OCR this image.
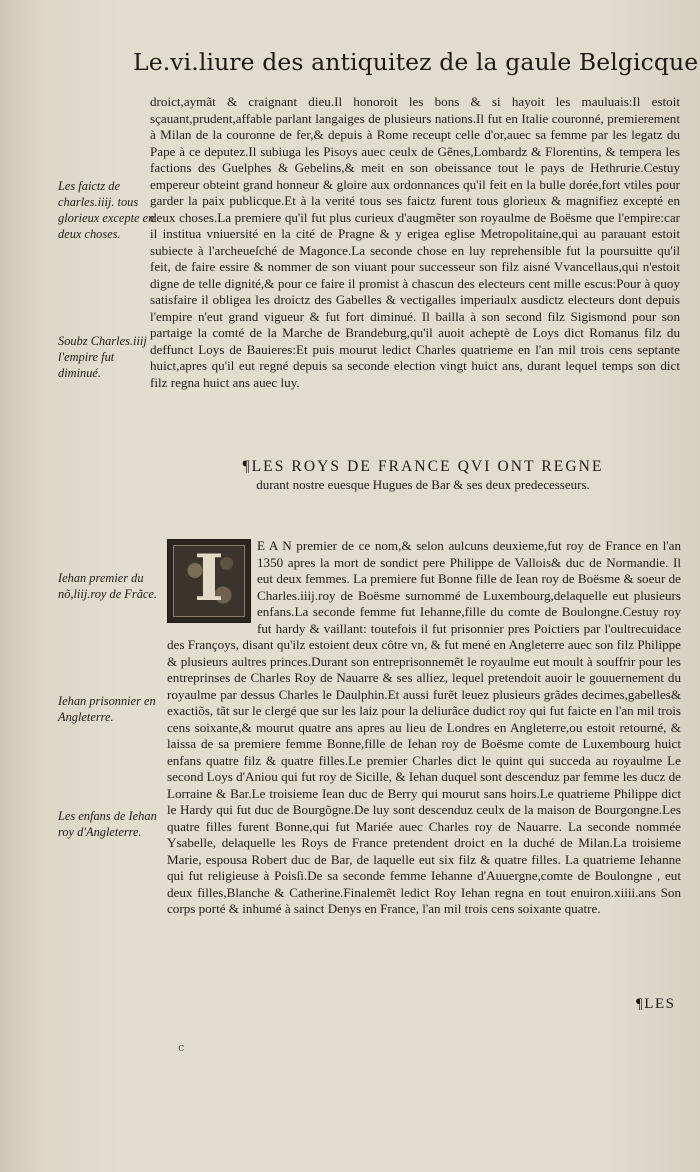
Le.vi.liure des antiquitez de la gaule Belgicque

droict,aymãt & craignant dieu.Il honoroit les bons & si hayoit les mauluais:Il estoit sçauant,prudent,affable parlant langaiges de plusieurs nations.Il fut en Italie couronné, premierement à Milan de la couronne de fer,& depuis à Rome receupt celle d'or,auec sa femme par les legatz du Pape à ce deputez.Il subiuga les Pisoys auec ceulx de Gẽnes,Lombardz & Florentins, & tempera les factions des Guelphes & Gebelins,& meit en son obeissance tout le pays de Hethrurie.Cestuy empereur obteint grand honneur & gloire aux ordonnances qu'il feit en la bulle dorée,fort vtiles pour garder la paix publicque.Et à la verité tous ses faictz furent tous glorieux & magnifiez excepté en deux choses.La premiere qu'il fut plus curieux d'augmẽter son royaulme de Boësme que l'empire:car il institua vniuersité en la cité de Pragne & y erigea eglise Metropolitaine,qui au parauant estoit subiecte à l'archeueſché de Magonce.La seconde chose en luy reprehensible fut la poursuitte qu'il feit, de faire essire & nommer de son viuant pour successeur son filz aisné Vvancellaus,qui n'estoit digne de telle dignité,& pour ce faire il promist à chascun des electeurs cent mille escus:Pour à quoy satisfaire il obligea les droictz des Gabelles & vectigalles imperiaulx ausdictz electeurs dont depuis l'empire n'eut grand vigueur & fut fort diminué. Il bailla à son second filz Sigismond pour son partaige la comté de la Marche de Brandeburg,qu'il auoit acheptè de Loys dict Romanus filz du deffunct Loys de Bauieres:Et puis mourut ledict Charles quatrieme en l'an mil trois cens septante huict,apres qu'il eut regné depuis sa seconde election vingt huict ans, durant lequel temps son dict filz regna huict ans auec luy.

Les faictz de charles.iiij. tous glorieux excepte en deux choses.
Soubz Charles.iiij l'empire fut diminué.
¶LES ROYS DE FRANCE QVI ONT REGNE
durant nostre euesque Hugues de Bar & ses deux predecesseurs.
Iehan premier du nõ,liij.roy de Frãce.
Iehan prisonnier en Angleterre.
Les enfans de Iehan roy d'Angleterre.
I	E A N premier de ce nom,& selon aulcuns deuxieme,fut roy de France en l'an 1350 apres la mort de sondict pere Philippe de Vallois& duc de Normandie. Il eut deux femmes. La premiere fut Bonne fille de Iean roy de Boësme & soeur de Charles.iiij.roy de Boësme surnommé de Luxembourg,delaquelle eut plusieurs enfans.La seconde femme fut Iehanne,fille du comte de Boulongne.Cestuy roy fut hardy & vaillant: toutefois il fut prisonnier pres Poictiers par l'oultrecuidace des Françoys, disant qu'ilz estoient deux côtre vn, & fut mené en Angleterre auec son filz Philippe & plusieurs aultres princes.Durant son entreprisonnemẽt le royaulme eut moult à souffrir pour les entreprinses de Charles Roy de Nauarre & ses alliez, lequel pretendoit auoir le gouuernement du royaulme par dessus Charles le Daulphin.Et aussi furẽt leuez plusieurs grãdes decimes,gabelles& exactiõs, tãt sur le clergé que sur les laiz pour la deliurãce dudict roy qui fut faicte en l'an mil trois cens soixante,& mourut quatre ans apres au lieu de Londres en Angleterre,ou estoit retourné, & laissa de sa premiere femme Bonne,fille de Iehan roy de Boësme comte de Luxembourg huict enfans quatre filz & quatre filles.Le premier Charles dict le quint qui succeda au royaulme Le second Loys d'Aniou qui fut roy de Sicille, & Iehan duquel sont descenduz par femme les ducz de Lorraine & Bar.Le troisieme Iean duc de Berry qui mourut sans hoirs.Le quatrieme Philippe dict le Hardy qui fut duc de Bourgõgne.De luy sont descenduz ceulx de la maison de Bourgongne.Les quatre filles furent Bonne,qui fut Mariée auec Charles roy de Nauarre. La seconde nommée Ysabelle, delaquelle les Roys de France pretendent droict en la duché de Milan.La troisieme Marie, espousa Robert duc de Bar, de laquelle eut six filz & quatre filles. La quatrieme Iehanne qui fut religieuse à Poisſi.De sa seconde femme Iehanne d'Auuergne,comte de Boulongne , eut deux filles,Blanche & Catherine.Finalemẽt ledict Roy Iehan regna en tout enuiron.xiiii.ans Son corps porté & inhumé à sainct Denys en France, l'an mil trois cens soixante quatre.
¶LES
c
